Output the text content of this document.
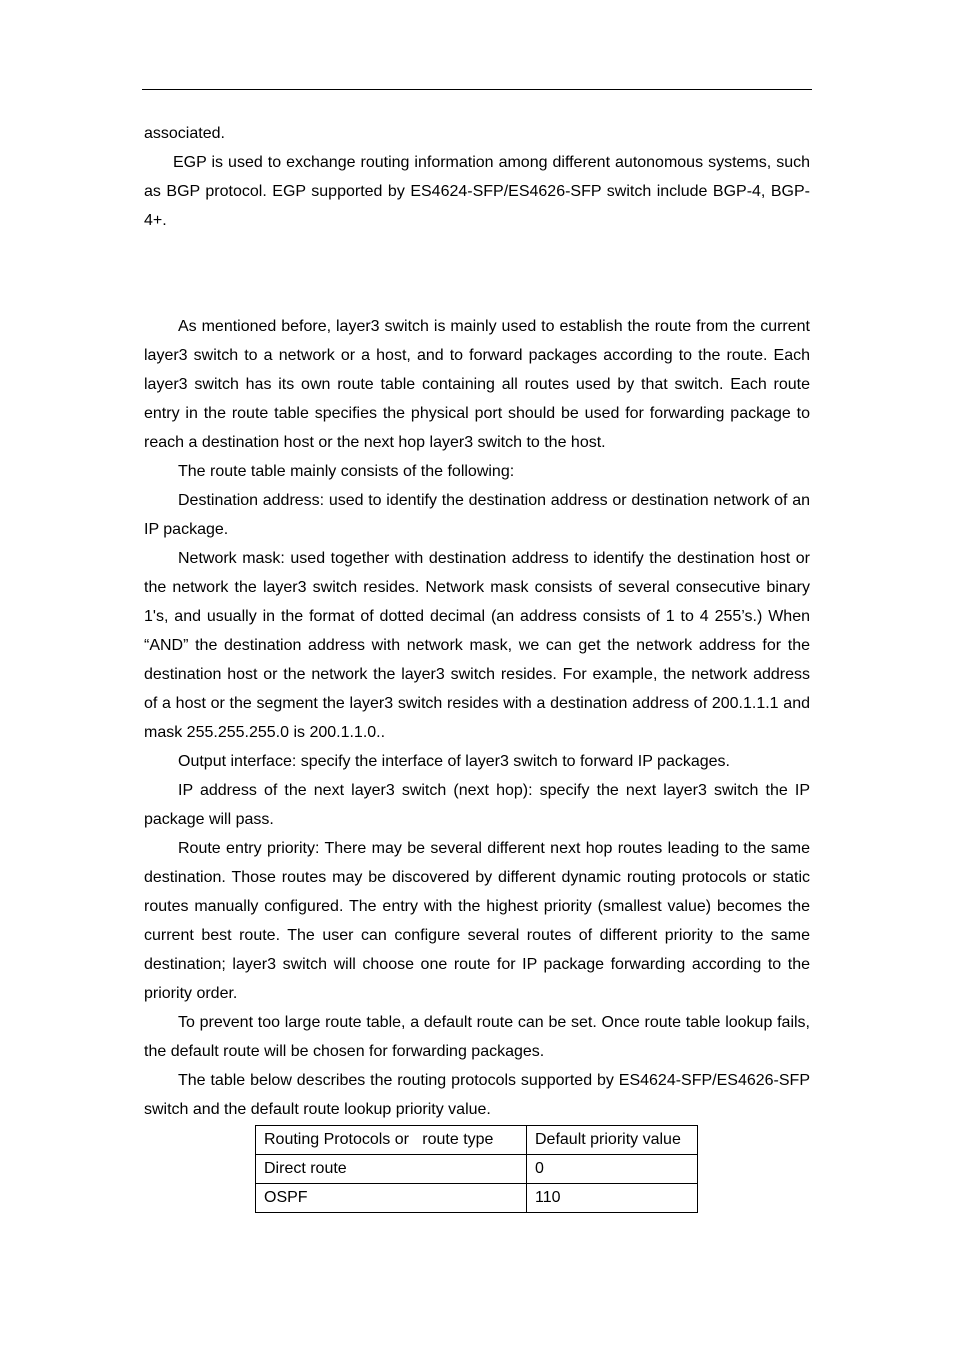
associated.

EGP is used to exchange routing information among different autonomous systems, such as BGP protocol. EGP supported by ES4624-SFP/ES4626-SFP switch include BGP-4, BGP-4+.

As mentioned before, layer3 switch is mainly used to establish the route from the current layer3 switch to a network or a host, and to forward packages according to the route. Each layer3 switch has its own route table containing all routes used by that switch. Each route entry in the route table specifies the physical port should be used for forwarding package to reach a destination host or the next hop layer3 switch to the host.

The route table mainly consists of the following:

Destination address: used to identify the destination address or destination network of an IP package.

Network mask: used together with destination address to identify the destination host or the network the layer3 switch resides. Network mask consists of several consecutive binary 1's, and usually in the format of dotted decimal (an address consists of 1 to 4 255’s.) When “AND” the destination address with network mask, we can get the network address for the destination host or the network the layer3 switch resides. For example, the network address of a host or the segment the layer3 switch resides with a destination address of 200.1.1.1 and mask 255.255.255.0 is 200.1.1.0..

Output interface: specify the interface of layer3 switch to forward IP packages.

IP address of the next layer3 switch (next hop): specify the next layer3 switch the IP package will pass.

Route entry priority: There may be several different next hop routes leading to the same destination. Those routes may be discovered by different dynamic routing protocols or static routes manually configured. The entry with the highest priority (smallest value) becomes the current best route. The user can configure several routes of different priority to the same destination; layer3 switch will choose one route for IP package forwarding according to the priority order.

To prevent too large route table, a default route can be set. Once route table lookup fails, the default route will be chosen for forwarding packages.

The table below describes the routing protocols supported by ES4624-SFP/ES4626-SFP switch and the default route lookup priority value.

Routing Protocols or   route type	Default priority value
Direct route	0
OSPF	110
